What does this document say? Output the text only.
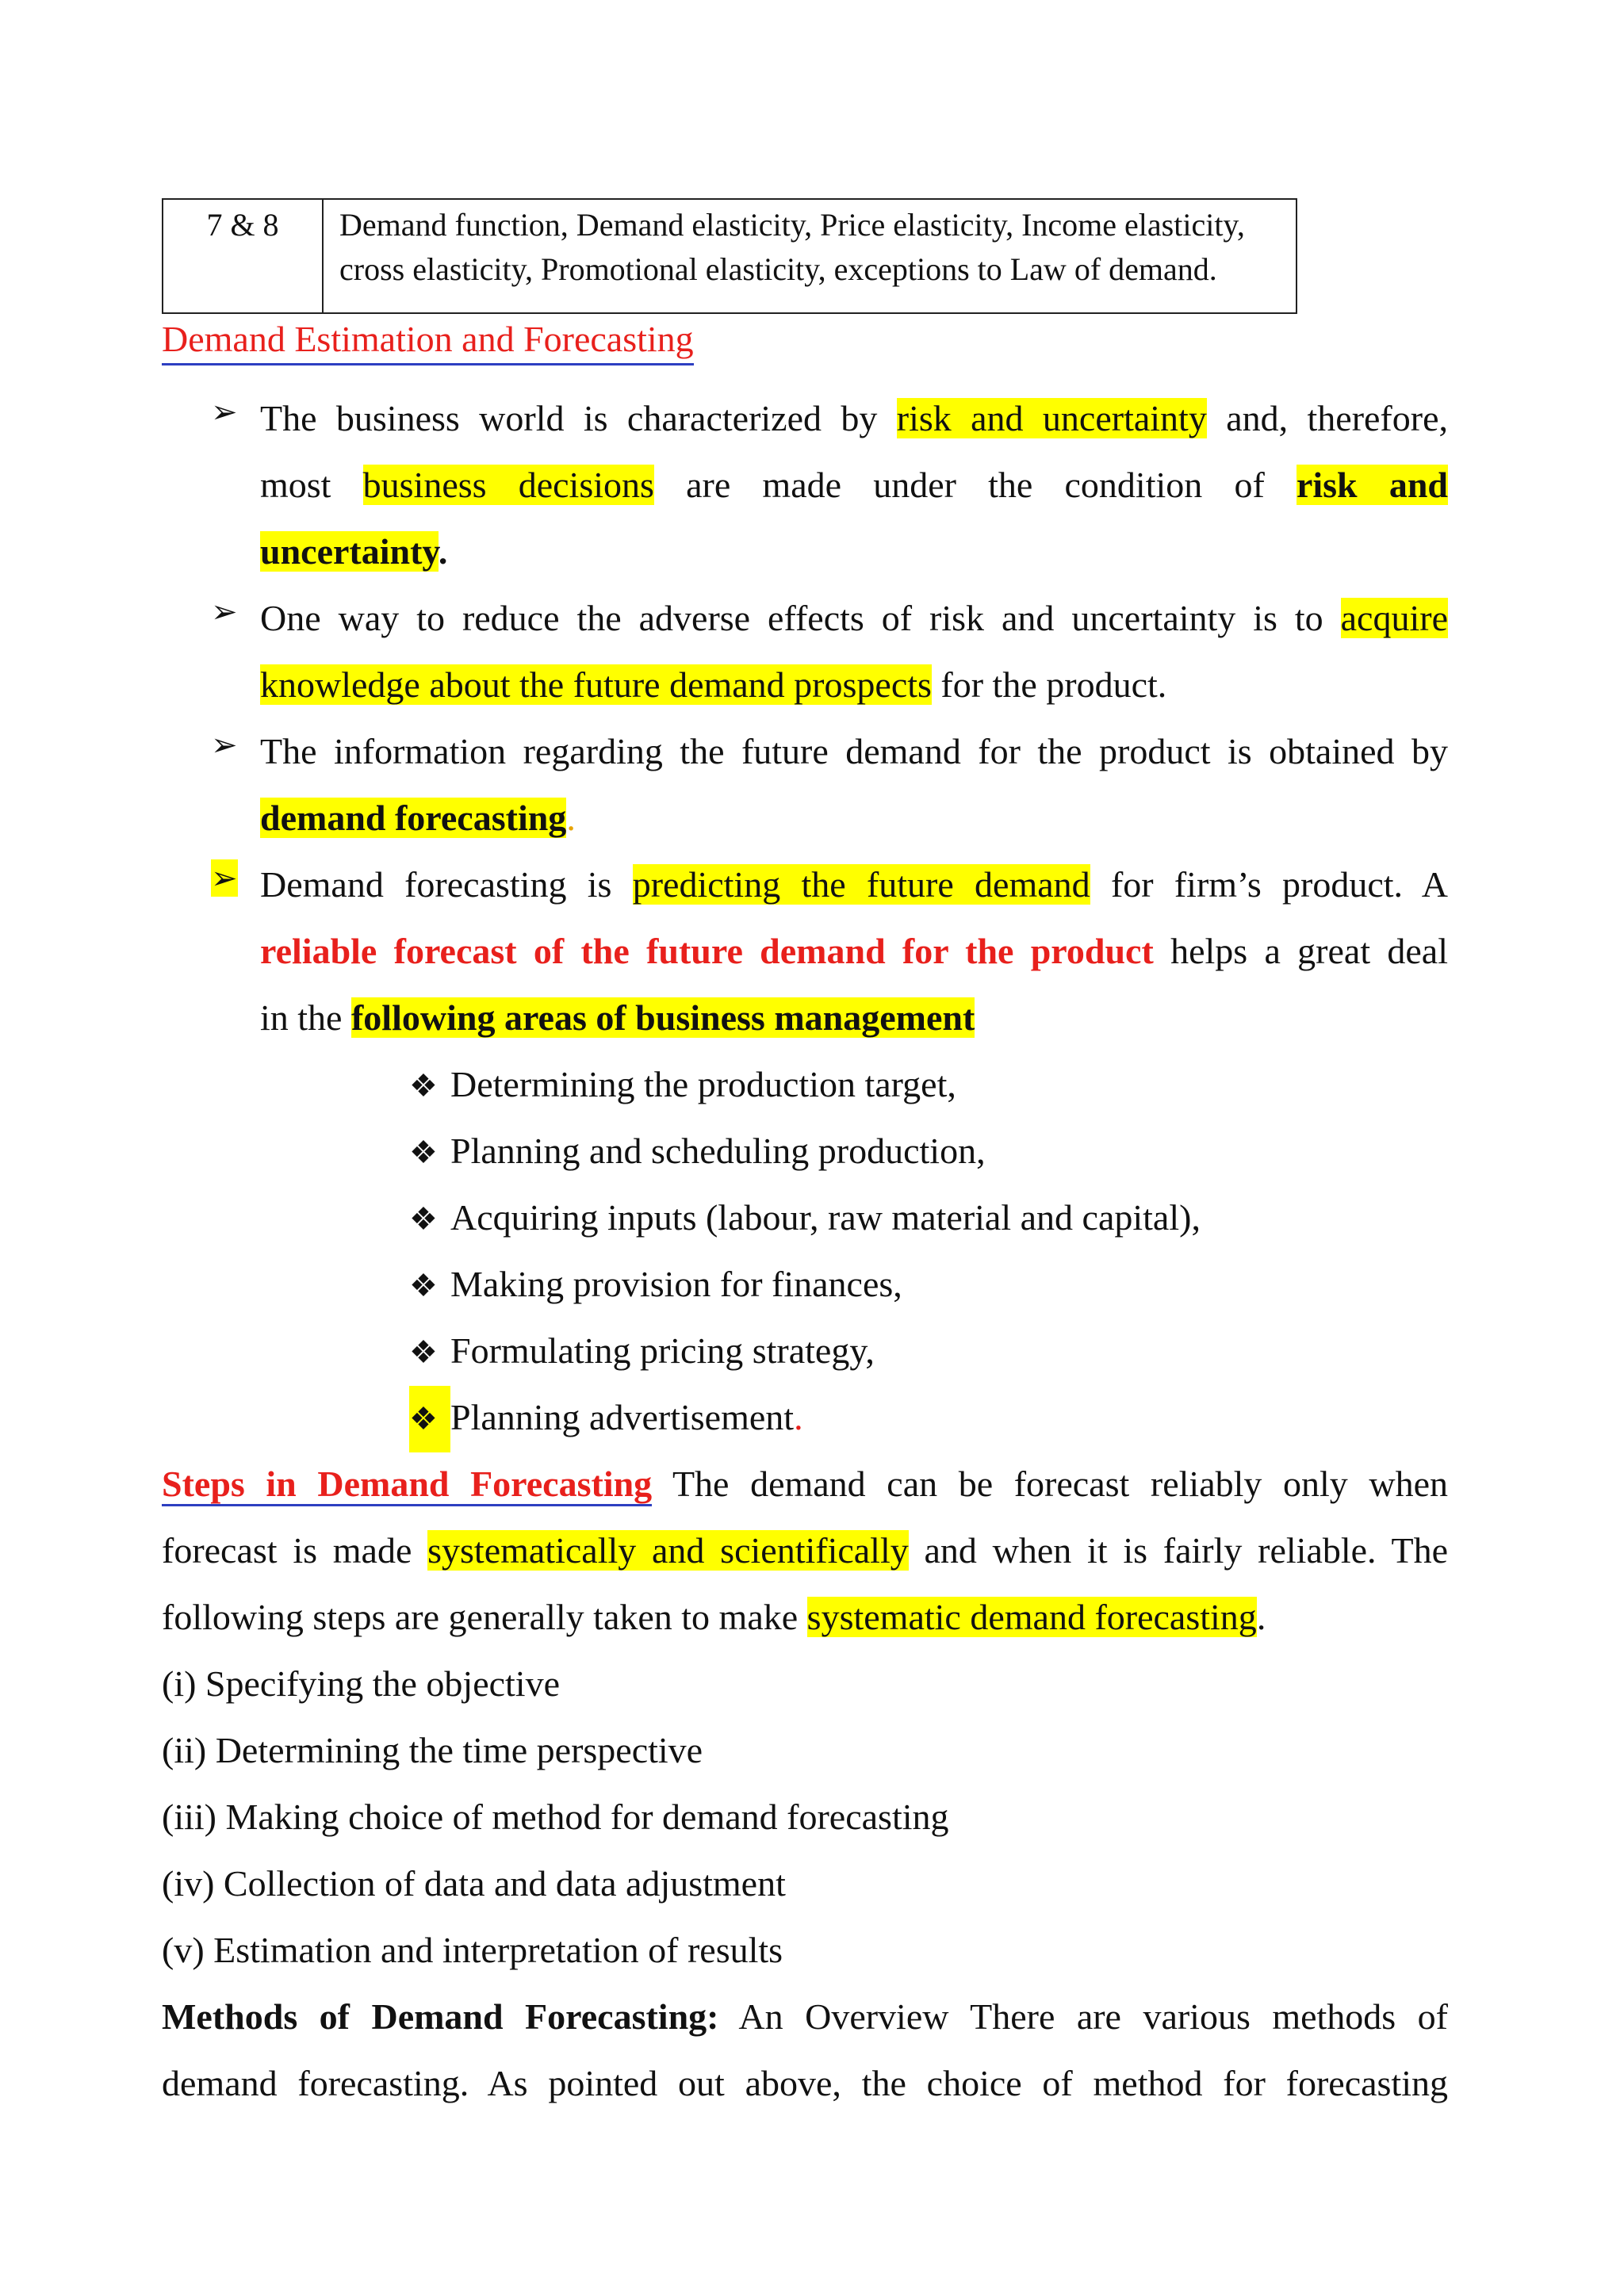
7 & 8	Demand function, Demand elasticity, Price elasticity, Income elasticity,
cross elasticity, Promotional elasticity, exceptions to Law of demand.
Demand Estimation and Forecasting
➢ The business world is characterized by risk and uncertainty and, therefore,
most business decisions are made under the condition of risk and
uncertainty.
➢ One way to reduce the adverse effects of risk and uncertainty is to acquire
knowledge about the future demand prospects for the product.
➢ The information regarding the future demand for the product is obtained by
demand forecasting.
➢ Demand forecasting is predicting the future demand for firm’s product. A
reliable forecast of the future demand for the product helps a great deal
in the following areas of business management
❖ Determining the production target,
❖ Planning and scheduling production,
❖ Acquiring inputs (labour, raw material and capital),
❖ Making provision for finances,
❖ Formulating pricing strategy,
❖ Planning advertisement.
Steps in Demand Forecasting The demand can be forecast reliably only when
forecast is made systematically and scientifically and when it is fairly reliable. The
following steps are generally taken to make systematic demand forecasting.
(i) Specifying the objective
(ii) Determining the time perspective
(iii) Making choice of method for demand forecasting
(iv) Collection of data and data adjustment
(v) Estimation and interpretation of results
Methods of Demand Forecasting: An Overview There are various methods of
demand forecasting. As pointed out above, the choice of method for forecasting
